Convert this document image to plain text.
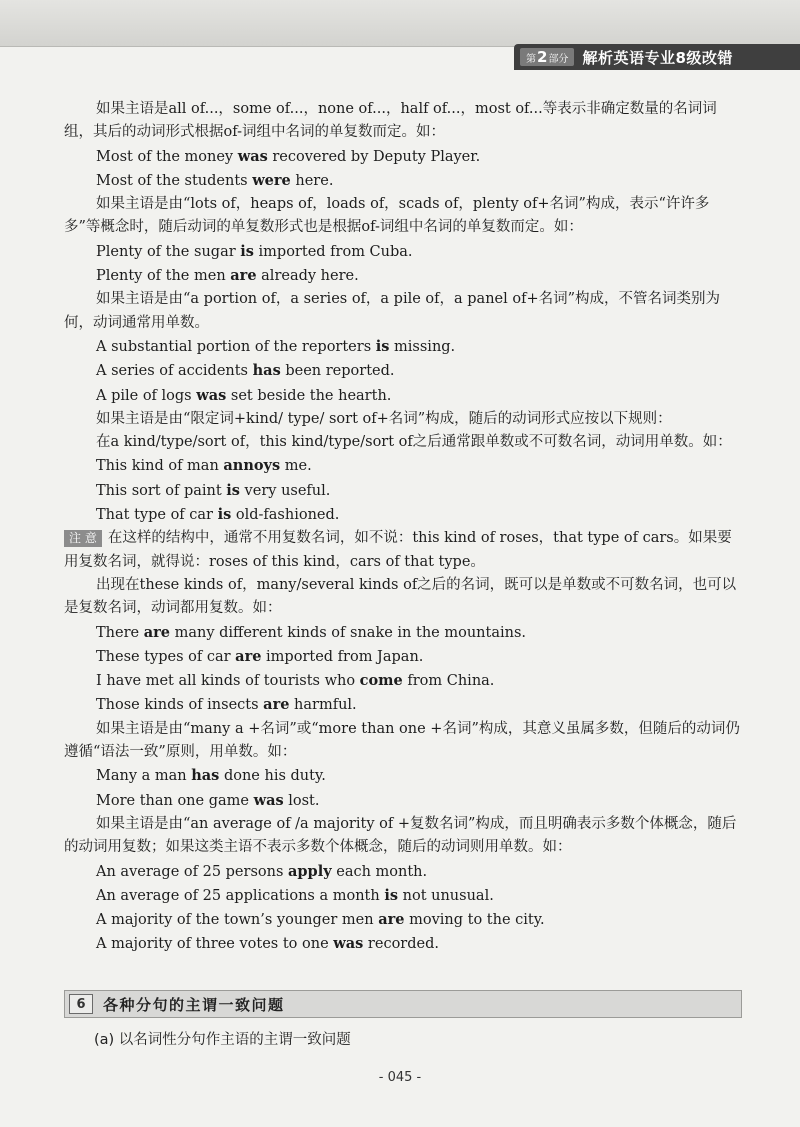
第 2 部分 解析英语专业8级改错

如果主语是all of...，some of...，none of...，half of...，most of...等表示非确定数量的名词词组，其后的动词形式根据of-词组中名词的单复数而定。如：

Most of the money was recovered by Deputy Player.

Most of the students were here.

如果主语是由“lots of，heaps of，loads of，scads of，plenty of+名词”构成，表示“许许多多”等概念时，随后动词的单复数形式也是根据of-词组中名词的单复数而定。如：

Plenty of the sugar is imported from Cuba.

Plenty of the men are already here.

如果主语是由“a portion of，a series of，a pile of，a panel of+名词”构成，不管名词类别为何，动词通常用单数。

A substantial portion of the reporters is missing.

A series of accidents has been reported.

A pile of logs was set beside the hearth.

如果主语是由“限定词+kind/ type/ sort of+名词”构成，随后的动词形式应按以下规则：

在a kind/type/sort of，this kind/type/sort of之后通常跟单数或不可数名词，动词用单数。如：

This kind of man annoys me.

This sort of paint is very useful.

That type of car is old-fashioned.

注 意 在这样的结构中，通常不用复数名词，如不说：this kind of roses，that type of cars。如果要用复数名词，就得说：roses of this kind，cars of that type。

出现在these kinds of，many/several kinds of之后的名词，既可以是单数或不可数名词，也可以是复数名词，动词都用复数。如：

There are many different kinds of snake in the mountains.

These types of car are imported from Japan.

I have met all kinds of tourists who come from China.

Those kinds of insects are harmful.

如果主语是由“many a +名词”或“more than one +名词”构成，其意义虽属多数，但随后的动词仍遵循“语法一致”原则，用单数。如：

Many a man has done his duty.

More than one game was lost.

如果主语是由“an average of /a majority of +复数名词”构成，而且明确表示多数个体概念，随后的动词用复数；如果这类主语不表示多数个体概念，随后的动词则用单数。如：

An average of 25 persons apply each month.

An average of 25 applications a month is not unusual.

A majority of the town’s younger men are moving to the city.

A majority of three votes to one was recorded.

6	各种分句的主谓一致问题
(a) 以名词性分句作主语的主谓一致问题
- 045 -
